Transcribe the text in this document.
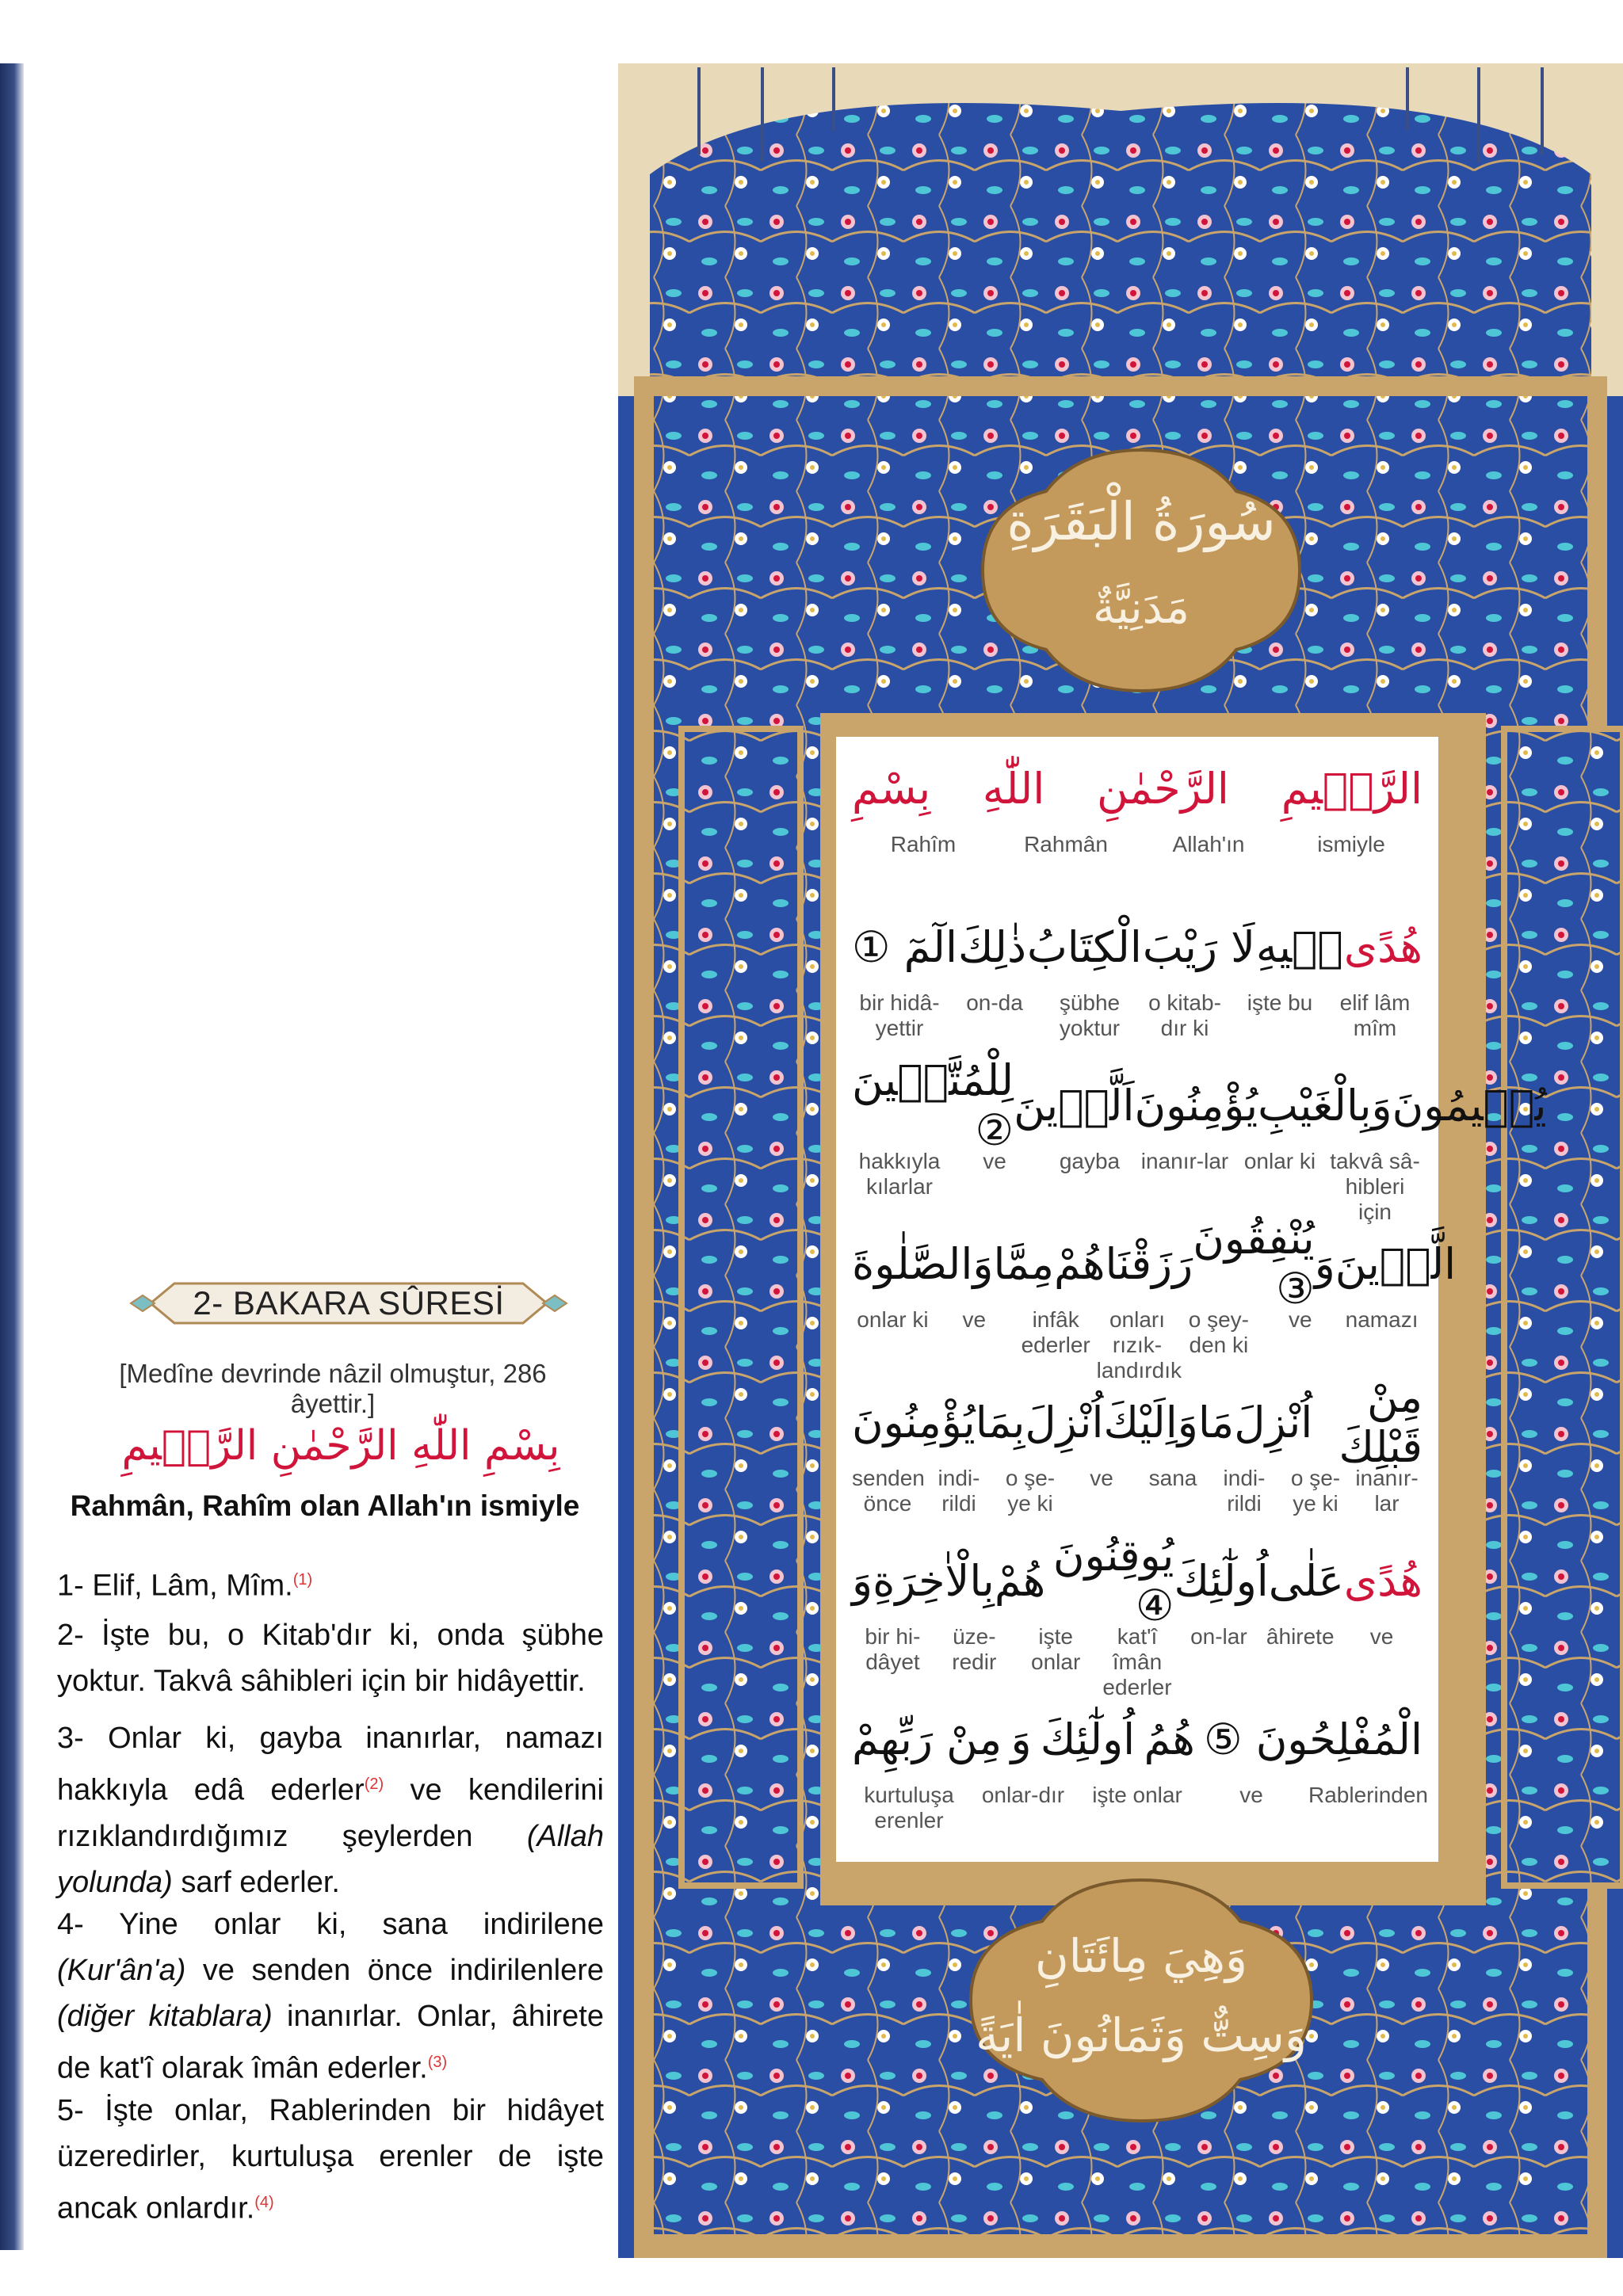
2- BAKARA SÛRESİ
[Medîne devrinde nâzil olmuştur, 286 âyettir.]
بِسْمِ اللّٰهِ الرَّحْمٰنِ الرَّح۪يمِ
Rahmân, Rahîm olan Allah'ın ismiyle
1- Elif, Lâm, Mîm.$^{(1)}$
2- İşte bu, o Kitab'dır ki, onda şübhe yoktur. Takvâ sâhibleri için bir hidâyettir.
3- Onlar ki, gayba inanırlar, namazı hakkıyla edâ ederler$^{(2)}$ ve kendilerini rızıklandırdığımız şeylerden (Allah yolunda) sarf ederler.
4- Yine onlar ki, sana indirilene (Kur'ân'a) ve senden önce indirilenlere (diğer kitablara) inanırlar. Onlar, âhirete de kat'î olarak îmân ederler.$^{(3)}$
5- İşte onlar, Rablerinden bir hidâyet üzeredirler, kurtuluşa erenler de işte ancak onlardır.$^{(4)}$
سُورَةُ الْبَقَرَةِ
مَدَنِيَّةٌ
وَهِيَ مِائَتَانِ
وَسِتٌّ وَثَمَانُونَ اٰيَةً
بِسْمِ اللّٰهِ الرَّحْمٰنِ الرَّح۪يمِ
ismiyle
Allah'ın
Rahmân
Rahîm
الٓمٓ ① ذٰلِكَ الْكِتَابُ لَا رَيْبَ ف۪يهِ هُدًى
elif lâm mîm
işte bu
o kitab-dır ki
şübhe yoktur
on-da
bir hidâ-yettir
لِلْمُتَّق۪ينَ ② اَلَّذ۪ينَ يُؤْمِنُونَ بِالْغَيْبِ وَ يُق۪يمُونَ
takvâ sâ-hibleri için
onlar ki
inanır-lar
gayba
ve
hakkıyla kılarlar
الصَّلٰوةَ وَ مِمَّا رَزَقْنَاهُمْ يُنْفِقُونَ ③ وَ الَّذ۪ينَ
namazı
ve
o şey-den ki
onları rızık-landırdık
infâk ederler
ve
onlar ki
يُؤْمِنُونَ بِمَا اُنْزِلَ اِلَيْكَ وَ مَا اُنْزِلَ	مِنْ قَبْلِكَ
inanır-lar
o şe-ye ki
indi-rildi
sana
ve
o şe-ye ki
indi-rildi
senden önce
وَ بِالْاٰخِرَةِ هُمْ يُوقِنُونَ ④ اُولٰٓئِكَ عَلٰى هُدًى
ve
âhirete
on-lar
kat'î îmân ederler
işte onlar
üze-redir
bir hi-dâyet
مِنْ رَبِّهِمْ وَ اُولٰٓئِكَ هُمُ الْمُفْلِحُونَ ⑤
Rablerinden
ve
işte onlar
onlar-dır
kurtuluşa erenler
